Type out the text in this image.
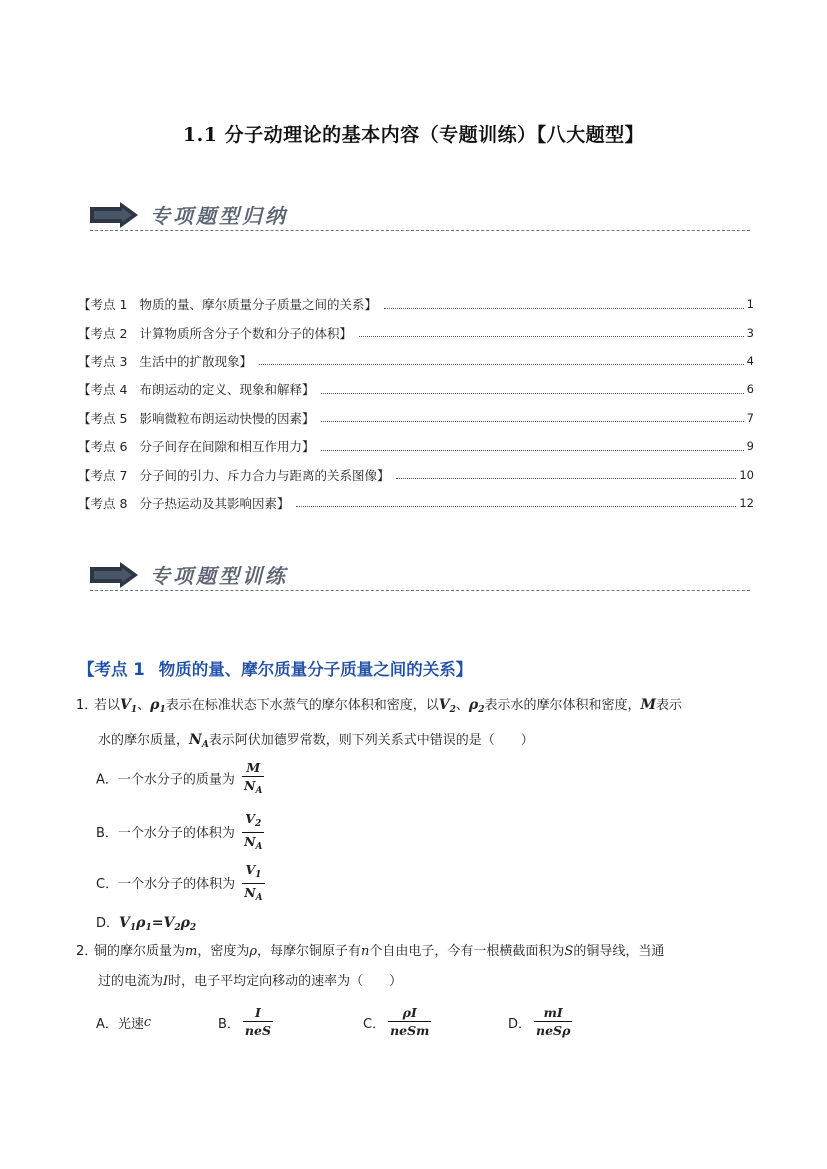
1.1 分子动理论的基本内容（专题训练）【八大题型】
专项题型归纳
【考点 1 物质的量、摩尔质量分子质量之间的关系】	1
【考点 2 计算物质所含分子个数和分子的体积】	3
【考点 3 生活中的扩散现象】	4
【考点 4 布朗运动的定义、现象和解释】	6
【考点 5 影响微粒布朗运动快慢的因素】	7
【考点 6 分子间存在间隙和相互作用力】	9
【考点 7 分子间的引力、斥力合力与距离的关系图像】	10
【考点 8 分子热运动及其影响因素】	12
专项题型训练
【考点 1 物质的量、摩尔质量分子质量之间的关系】
1．若以$V_1$、$\rho_1$表示在标准状态下水蒸气的摩尔体积和密度，以$V_2$、$\rho_2$表示水的摩尔体积和密度，M表示
水的摩尔质量，$N_A$表示阿伏加德罗常数，则下列关系式中错误的是（　　）
A．一个水分子的质量为 $\frac{M}{N_A}$
B．一个水分子的体积为 $\frac{V_2}{N_A}$
C．一个水分子的体积为 $\frac{V_1}{N_A}$
D．$V_1\rho_1=V_2\rho_2$
2．铜的摩尔质量为m，密度为ρ，每摩尔铜原子有n个自由电子，今有一根横截面积为S的铜导线，当通
过的电流为I时，电子平均定向移动的速率为（　　）
A．光速 c	B． $\frac{I}{\text{neS}}$	C． $\frac{\rho I}{\text{neSm}}$	D． $\frac{mI}{\text{neSρ}}$
